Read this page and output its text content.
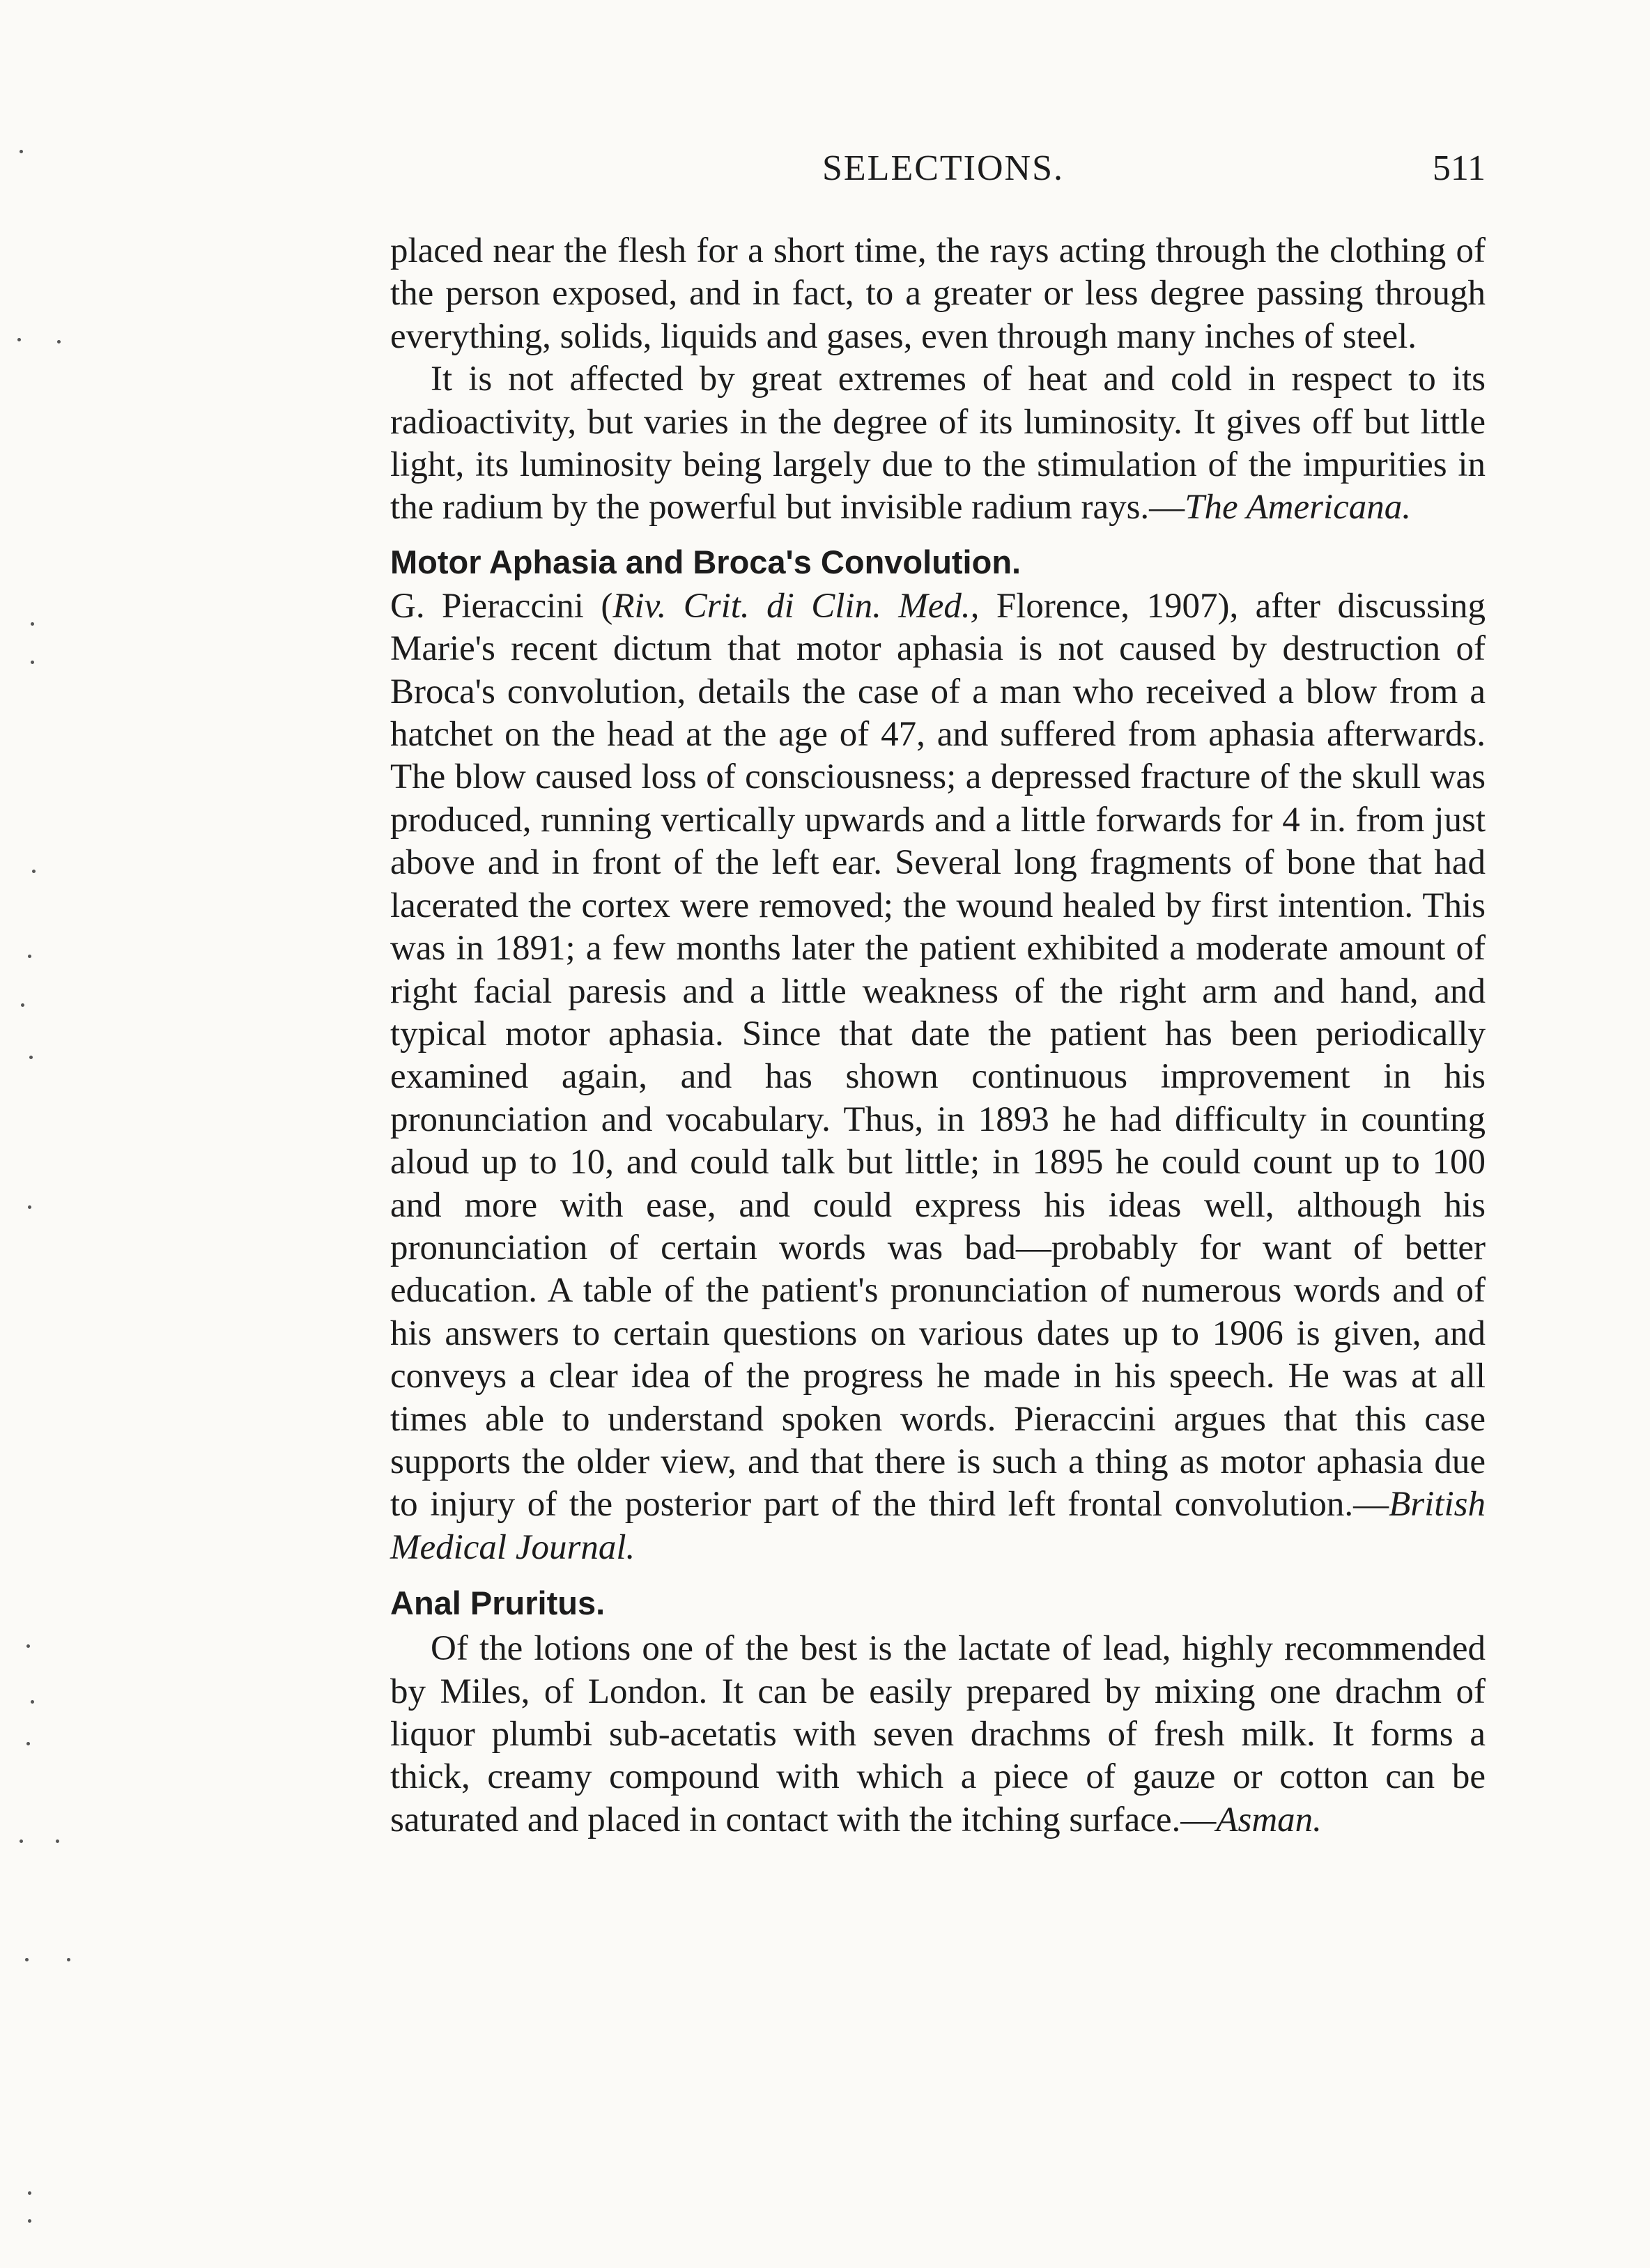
SELECTIONS.	511

placed near the flesh for a short time, the rays acting through the clothing of the person exposed, and in fact, to a greater or less degree passing through everything, solids, liquids and gases, even through many inches of steel.

It is not affected by great extremes of heat and cold in respect to its radioactivity, but varies in the degree of its luminosity. It gives off but little light, its luminosity being largely due to the stimulation of the impurities in the radium by the powerful but invisible radium rays.—The Americana.

Motor Aphasia and Broca's Convolution.

G. Pieraccini (Riv. Crit. di Clin. Med., Florence, 1907), after discussing Marie's recent dictum that motor aphasia is not caused by destruction of Broca's convolution, details the case of a man who received a blow from a hatchet on the head at the age of 47, and suffered from aphasia afterwards. The blow caused loss of consciousness; a depressed fracture of the skull was produced, running vertically upwards and a little forwards for 4 in. from just above and in front of the left ear. Several long fragments of bone that had lacerated the cortex were removed; the wound healed by first intention. This was in 1891; a few months later the patient exhibited a moderate amount of right facial paresis and a little weakness of the right arm and hand, and typical motor aphasia. Since that date the patient has been periodically examined again, and has shown continuous improvement in his pronunciation and vocabulary. Thus, in 1893 he had difficulty in counting aloud up to 10, and could talk but little; in 1895 he could count up to 100 and more with ease, and could express his ideas well, although his pronunciation of certain words was bad—probably for want of better education. A table of the patient's pronunciation of numerous words and of his answers to certain questions on various dates up to 1906 is given, and conveys a clear idea of the progress he made in his speech. He was at all times able to understand spoken words. Pieraccini argues that this case supports the older view, and that there is such a thing as motor aphasia due to injury of the posterior part of the third left frontal convolution.—British Medical Journal.

Anal Pruritus.

Of the lotions one of the best is the lactate of lead, highly recommended by Miles, of London. It can be easily prepared by mixing one drachm of liquor plumbi sub-acetatis with seven drachms of fresh milk. It forms a thick, creamy compound with which a piece of gauze or cotton can be saturated and placed in contact with the itching surface.—Asman.
